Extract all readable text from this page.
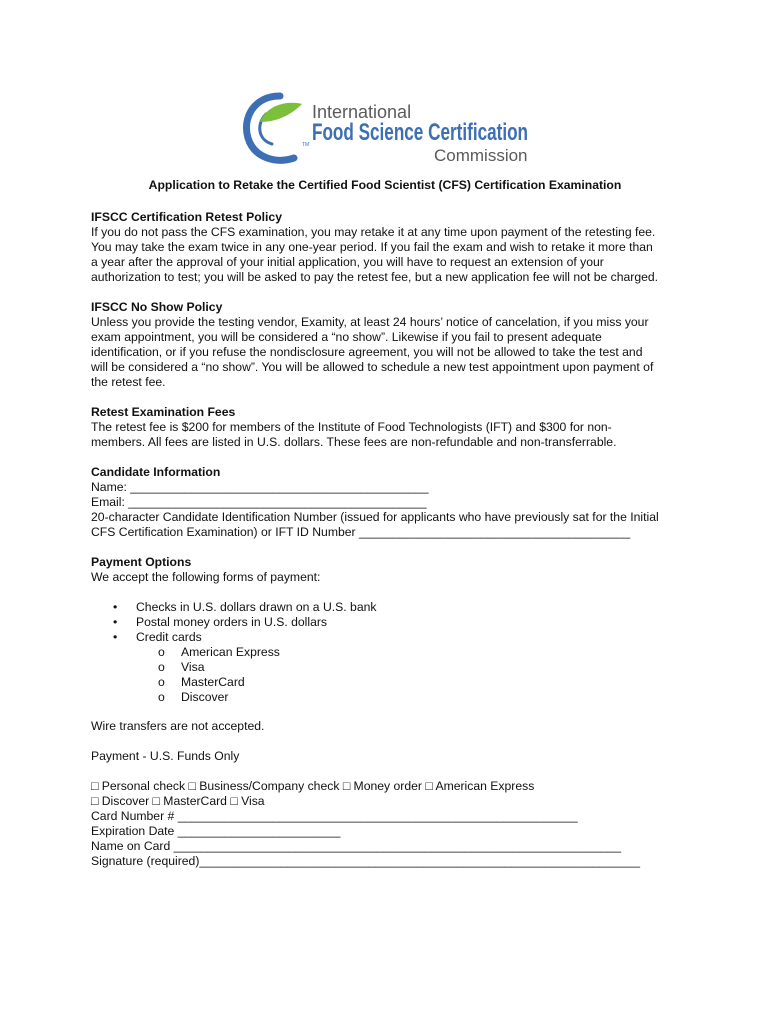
International
Food Science Certification
TM
Commission
Application to Retake the Certified Food Scientist (CFS) Certification Examination
IFSCC Certification Retest Policy
If you do not pass the CFS examination, you may retake it at any time upon payment of the retesting fee.
You may take the exam twice in any one-year period. If you fail the exam and wish to retake it more than
a year after the approval of your initial application, you will have to request an extension of your
authorization to test; you will be asked to pay the retest fee, but a new application fee will not be charged.
IFSCC No Show Policy
Unless you provide the testing vendor, Examity, at least 24 hours’ notice of cancelation, if you miss your
exam appointment, you will be considered a “no show”. Likewise if you fail to present adequate
identification, or if you refuse the nondisclosure agreement, you will not be allowed to take the test and
will be considered a “no show”. You will be allowed to schedule a new test appointment upon payment of
the retest fee.
Retest Examination Fees
The retest fee is $200 for members of the Institute of Food Technologists (IFT) and $300 for non-
members. All fees are listed in U.S. dollars. These fees are non-refundable and non-transferrable.
Candidate Information
Name: ____________________________________________
Email: ____________________________________________
20-character Candidate Identification Number (issued for applicants who have previously sat for the Initial
CFS Certification Examination) or IFT ID Number ________________________________________
Payment Options
We accept the following forms of payment:
• Checks in U.S. dollars drawn on a U.S. bank
• Postal money orders in U.S. dollars
• Credit cards
o American Express
o Visa
o MasterCard
o Discover
Wire transfers are not accepted.
Payment - U.S. Funds Only
□ Personal check □ Business/Company check □ Money order □ American Express
□ Discover □ MasterCard □ Visa
Card Number # ___________________________________________________________
Expiration Date ________________________
Name on Card __________________________________________________________________
Signature (required)_________________________________________________________________
